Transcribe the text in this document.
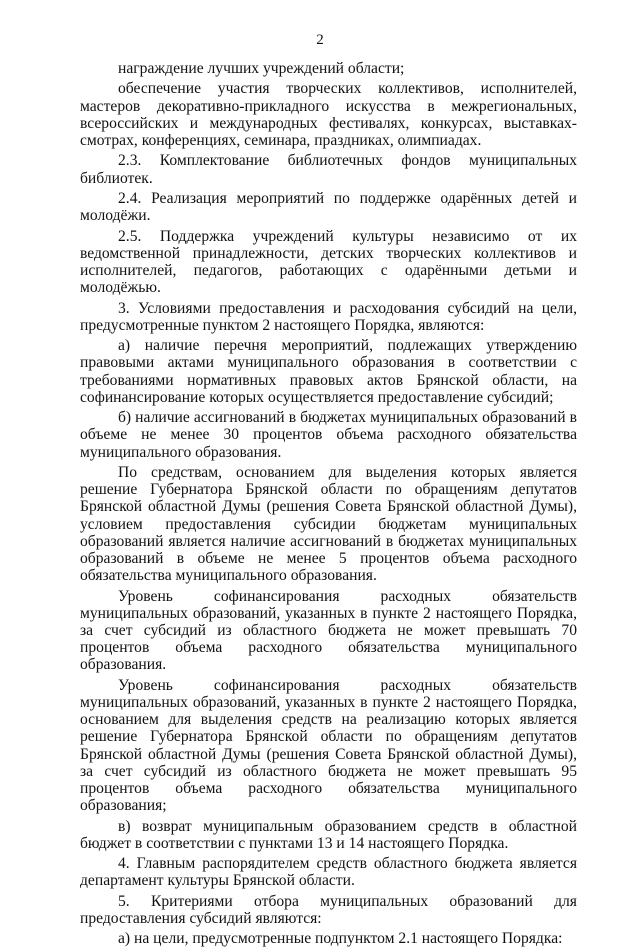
2

награждение лучших учреждений области;

обеспечение участия творческих коллективов, исполнителей, мастеров декоративно-прикладного искусства в межрегиональных, всероссийских и международных фестивалях, конкурсах, выставках-смотрах, конференциях, семинара, праздниках, олимпиадах.

2.3. Комплектование библиотечных фондов муниципальных библиотек.

2.4. Реализация мероприятий по поддержке одарённых детей и молодёжи.

2.5. Поддержка учреждений культуры независимо от их ведомственной принадлежности, детских творческих коллективов и исполнителей, педагогов, работающих с одарёнными детьми и молодёжью.

3. Условиями предоставления и расходования субсидий на цели, предусмотренные пунктом 2 настоящего Порядка, являются:

а) наличие перечня мероприятий, подлежащих утверждению правовыми актами муниципального образования в соответствии с требованиями нормативных правовых актов Брянской области, на софинансирование которых осуществляется предоставление субсидий;

б) наличие ассигнований в бюджетах муниципальных образований в объеме не менее 30 процентов объема расходного обязательства муниципального образования.

По средствам, основанием для выделения которых является решение Губернатора Брянской области по обращениям депутатов Брянской областной Думы (решения Совета Брянской областной Думы), условием предоставления субсидии бюджетам муниципальных образований является наличие ассигнований в бюджетах муниципальных образований в объеме не менее 5 процентов объема расходного обязательства муниципального образования.

Уровень софинансирования расходных обязательств муниципальных образований, указанных в пункте 2 настоящего Порядка, за счет субсидий из областного бюджета не может превышать 70 процентов объема расходного обязательства муниципального образования.

Уровень софинансирования расходных обязательств муниципальных образований, указанных в пункте 2 настоящего Порядка, основанием для выделения средств на реализацию которых является решение Губернатора Брянской области по обращениям депутатов Брянской областной Думы (решения Совета Брянской областной Думы), за счет субсидий из областного бюджета не может превышать 95 процентов объема расходного обязательства муниципального образования;

в) возврат муниципальным образованием средств в областной бюджет в соответствии с пунктами 13 и 14 настоящего Порядка.

4. Главным распорядителем средств областного бюджета является департамент культуры Брянской области.

5. Критериями отбора муниципальных образований для предоставления субсидий являются:

а) на цели, предусмотренные подпунктом 2.1 настоящего Порядка:
